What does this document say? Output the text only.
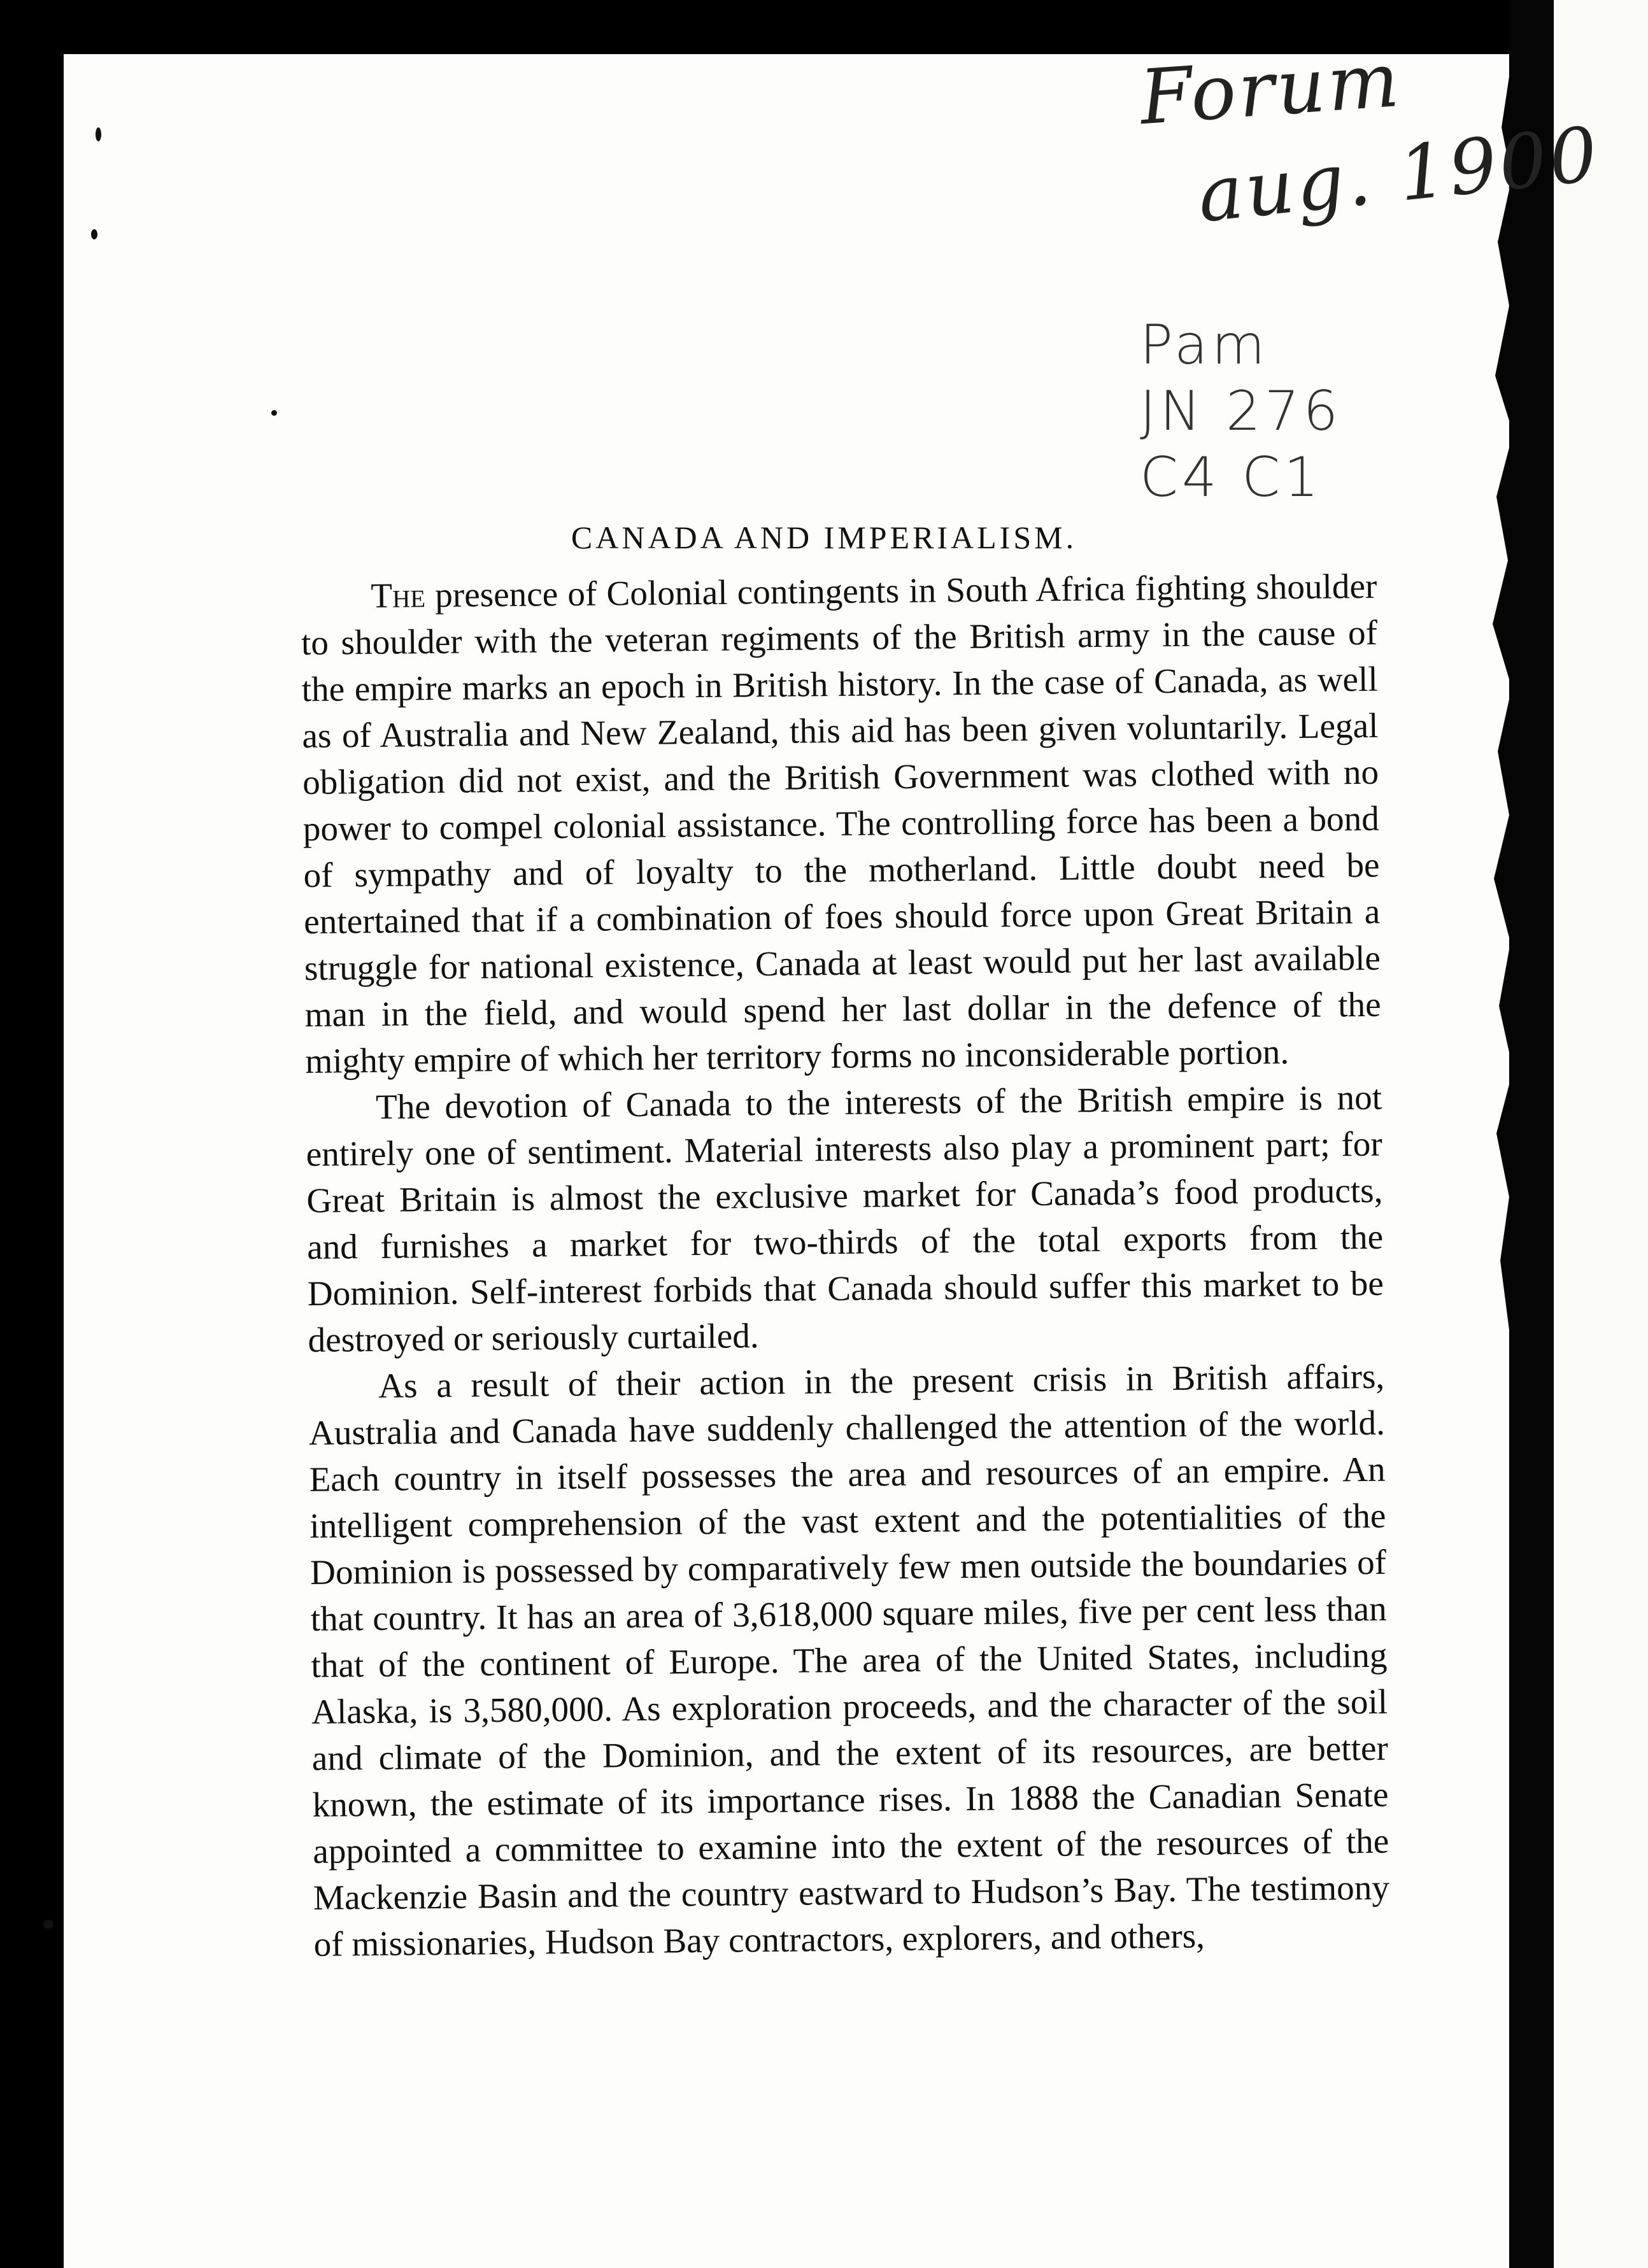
Forum
aug. 1900
Pam
JN 276
C4 C1
CANADA AND IMPERIALISM.

The presence of Colonial contingents in South Africa fighting shoulder to shoulder with the veteran regiments of the British army in the cause of the empire marks an epoch in British history. In the case of Canada, as well as of Australia and New Zealand, this aid has been given voluntarily. Legal obligation did not exist, and the British Government was clothed with no power to compel colonial assistance. The controlling force has been a bond of sympathy and of loyalty to the motherland. Little doubt need be entertained that if a combination of foes should force upon Great Britain a struggle for national existence, Canada at least would put her last available man in the field, and would spend her last dollar in the defence of the mighty empire of which her territory forms no inconsiderable portion.

The devotion of Canada to the interests of the British empire is not entirely one of sentiment. Material interests also play a prominent part; for Great Britain is almost the exclusive market for Canada’s food products, and furnishes a market for two-thirds of the total exports from the Dominion. Self-interest forbids that Canada should suffer this market to be destroyed or seriously curtailed.

As a result of their action in the present crisis in British affairs, Australia and Canada have suddenly challenged the attention of the world. Each country in itself possesses the area and resources of an empire. An intelligent comprehension of the vast extent and the potentialities of the Dominion is possessed by comparatively few men outside the boundaries of that country. It has an area of 3,618,000 square miles, five per cent less than that of the continent of Europe. The area of the United States, including Alaska, is 3,580,000. As exploration proceeds, and the character of the soil and climate of the Dominion, and the extent of its resources, are better known, the estimate of its importance rises. In 1888 the Canadian Senate appointed a committee to examine into the extent of the resources of the Mackenzie Basin and the country eastward to Hudson’s Bay. The testimony of missionaries, Hudson Bay contractors, explorers, and others,
